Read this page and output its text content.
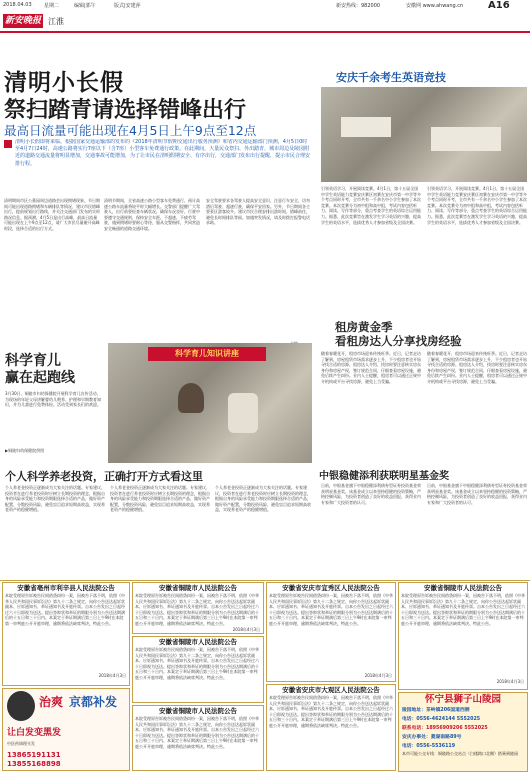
2018.04.03 星期二	编辑|郭午	版式|安建萍	新安热线：982000	安徽网 www.ahwang.cn A16
新安晚报 江淮
清明小长假
祭扫踏青请选择错峰出行
最高日流量可能出现在4月5日上午9点至12点
清明小长假即将来临。根据国家交通运输部的发布的《2018年清明节假期交通出行服务预测》和省内交通运输部门预测，4月5日0时至4月7日24时，高速公路将实行7座以下（含7座）小型客车免费通行政策。在此期间，大量民众祭扫、外出踏青，城市周边及陵园附近的道路交通流量将明显增加，交通事故可能增加，为了让市民在清明假期安全、有序出行，交通部门发布出行提醒，提示市民合理安排行程。
清明期间市区公墓园周边道路会出现拥堵现象。节日期间可能出现道路拥堵和车辆排队等情况，建议市民错峰出行，提前规划出行路线，并关注交通部门发布的实时路况信息。据预测，4月5日是出行高峰，最高日流量可能出现在上午9点至12点，请广大市民尽量避开高峰时段，选择合适的出行方式。
清明节期间，全省高速公路小型客车免费通行，预计高速公路车流量将较平时大幅增长。交警部门提醒广大驾驶人，出行前要检查车辆状况，确保车况良好，行驶中要遵守交通规则，保持安全车距，不超速、不疲劳驾驶，遇到拥堵时要耐心等待，服从交警指挥，共同营造安全畅通的道路交通环境。
安全驾驶要求各驾驶人提高安全意识，注意行车安全，切勿酒后驾驶、超速行驶，确保平安回家。另外，节日期间各主要景区游客较多，建议市民合理安排出游时间，错峰前往，避免长时间排队等候。如遇突发情况，请及时拨打报警电话求助。
科学育儿知识讲座
科学育儿
赢在起跑线
3月30日，铜陵市妇幼保健院开展科学育儿宣传活动，为现场的年轻父母讲解婴幼儿喂养、护理和早期教育知识，并为儿童进行免费体检。活动受到家长们的欢迎。
▶铜陵妇幼保健院供图
安庆千余考生英语竞技
引领英语学习，开展阅读竞赛。4月1日，第十五届全国中学生英语能力竞赛安庆赛区初赛在安庆市第一中学等多个考点同时开考，全市共有一千余名中小学生参加了本次竞赛。本次竞赛分为初中组和高中组，考试内容包括听力、阅读、写作等部分，重点考查学生的英语综合运用能力。据悉，此次竞赛旨在激发学生学习英语的兴趣，提高学生的英语水平，选拔优秀人才参加省级及全国决赛。
引领英语学习，开展阅读竞赛。4月1日，第十五届全国中学生英语能力竞赛安庆赛区初赛在安庆市第一中学等多个考点同时开考，全市共有一千余名中小学生参加了本次竞赛。本次竞赛分为初中组和高中组，考试内容包括听力、阅读、写作等部分，重点考查学生的英语综合运用能力。据悉，此次竞赛旨在激发学生学习英语的兴趣，提高学生的英语水平，选拔优秀人才参加省级及全国决赛。
租房黄金季
看租房达人分享找房经验
随着春暖花开，租房市场迎来传统旺季。近日，记者走访了解到，房屋租赁市场需求逐步上升，不少租房者也开始寻找合适的房源。租房达人介绍，找房时要注意核实房东身份和房屋产权，签订规范合同，仔细查看房屋设施，避免后续产生纠纷。业内人士提醒，租房者可以通过正规中介机构或平台寻找房源，避免上当受骗。
随着春暖花开，租房市场迎来传统旺季。近日，记者走访了解到，房屋租赁市场需求逐步上升，不少租房者也开始寻找合适的房源。租房达人介绍，找房时要注意核实房东身份和房屋产权，签订规范合同，仔细查看房屋设施，避免后续产生纠纷。业内人士提醒，租房者可以通过正规中介机构或平台寻找房源，避免上当受骗。
个人科学养老投资，正确打开方式看这里
个人养老金投资正逐渐成为大家关注的话题。专家建议，投资者在进行养老投资时应树立长期投资的理念，根据自身的风险承受能力和投资期限选择合适的产品，做好资产配置，分散投资风险，避免盲目追求短期高收益，实现养老资产的稳健增值。
个人养老金投资正逐渐成为大家关注的话题。专家建议，投资者在进行养老投资时应树立长期投资的理念，根据自身的风险承受能力和投资期限选择合适的产品，做好资产配置，分散投资风险，避免盲目追求短期高收益，实现养老资产的稳健增值。
个人养老金投资正逐渐成为大家关注的话题。专家建议，投资者在进行养老投资时应树立长期投资的理念，根据自身的风险承受能力和投资期限选择合适的产品，做好资产配置，分散投资风险，避免盲目追求短期高收益，实现养老资产的稳健增值。
中银稳健添利获联明星基金奖
日前，中银基金旗下中银稳健添利债券型证券投资基金荣获明星基金奖。该基金成立以来坚持稳健的投资策略，严格控制风险，为投资者创造了良好的收益回报，获得业内专家和广大投资者的认可。
日前，中银基金旗下中银稳健添利债券型证券投资基金荣获明星基金奖。该基金成立以来坚持稳健的投资策略，严格控制风险，为投资者创造了良好的收益回报，获得业内专家和广大投资者的认可。
安徽省亳州市利辛县人民法院公告
本院受理原告诉被告民间借贷纠纷一案，因被告下落不明，依照《中华人民共和国民事诉讼法》第九十二条之规定，向你公告送达起诉状副本、应诉通知书、举证通知书及开庭传票。自本公告发出之日起经过六十日即视为送达。提出答辩状和举证的期限分别为公告送达期满后的十五日和三十日内。本案定于举证期满后第三日上午9时在本院第一审判庭公开开庭审理，逾期将依法缺席判决。特此公告。
2018年4月3日
安徽省铜陵市人民法院公告
本院受理原告诉被告民间借贷纠纷一案，因被告下落不明，依照《中华人民共和国民事诉讼法》第九十二条之规定，向你公告送达起诉状副本、应诉通知书、举证通知书及开庭传票。自本公告发出之日起经过六十日即视为送达。提出答辩状和举证的期限分别为公告送达期满后的十五日和三十日内。本案定于举证期满后第三日上午9时在本院第一审判庭公开开庭审理，逾期将依法缺席判决。特此公告。
2018年4月3日
安徽省铜陵市人民法院公告
本院受理原告诉被告民间借贷纠纷一案，因被告下落不明，依照《中华人民共和国民事诉讼法》第九十二条之规定，向你公告送达起诉状副本、应诉通知书、举证通知书及开庭传票。自本公告发出之日起经过六十日即视为送达。提出答辩状和举证的期限分别为公告送达期满后的十五日和三十日内。本案定于举证期满后第三日上午9时在本院第一审判庭公开开庭审理，逾期将依法缺席判决。特此公告。
安徽省铜陵市人民法院公告
本院受理原告诉被告民间借贷纠纷一案，因被告下落不明，依照《中华人民共和国民事诉讼法》第九十二条之规定，向你公告送达起诉状副本、应诉通知书、举证通知书及开庭传票。自本公告发出之日起经过六十日即视为送达。提出答辩状和举证的期限分别为公告送达期满后的十五日和三十日内。本案定于举证期满后第三日上午9时在本院第一审判庭公开开庭审理，逾期将依法缺席判决。特此公告。
安徽省安庆市宜秀区人民法院公告
本院受理原告诉被告民间借贷纠纷一案，因被告下落不明，依照《中华人民共和国民事诉讼法》第九十二条之规定，向你公告送达起诉状副本、应诉通知书、举证通知书及开庭传票。自本公告发出之日起经过六十日即视为送达。提出答辩状和举证的期限分别为公告送达期满后的十五日和三十日内。本案定于举证期满后第三日上午9时在本院第一审判庭公开开庭审理，逾期将依法缺席判决。特此公告。
2018年4月3日
安徽省安庆市大观区人民法院公告
本院受理原告诉被告民间借贷纠纷一案，因被告下落不明，依照《中华人民共和国民事诉讼法》第九十二条之规定，向你公告送达起诉状副本、应诉通知书、举证通知书及开庭传票。自本公告发出之日起经过六十日即视为送达。提出答辩状和举证的期限分别为公告送达期满后的十五日和三十日内。本案定于举证期满后第三日上午9时在本院第一审判庭公开开庭审理，逾期将依法缺席判决。特此公告。
安徽省铜陵市人民法院公告
本院受理原告诉被告民间借贷纠纷一案，因被告下落不明，依照《中华人民共和国民事诉讼法》第九十二条之规定，向你公告送达起诉状副本、应诉通知书、举证通知书及开庭传票。自本公告发出之日起经过六十日即视为送达。提出答辩状和举证的期限分别为公告送达期满后的十五日和三十日内。本案定于举证期满后第三日上午9时在本院第一审判庭公开开庭审理，逾期将依法缺席判决。特此公告。
2018年4月3日
治爽 京都补发
让白发变黑发
中医药调理头发
13865191131
13855168898
怀宁县狮子山陵园
陵园地址：茶岭镇206国道西侧
电话：0556-4624144 5552025
联系电话：18956909206 5552025
安庆办事处：菱湖南路89号
电话：0556-5536119
本市可能公交专线：铜陵路公交站点（白楼路口北侧）搭乘到陵园
